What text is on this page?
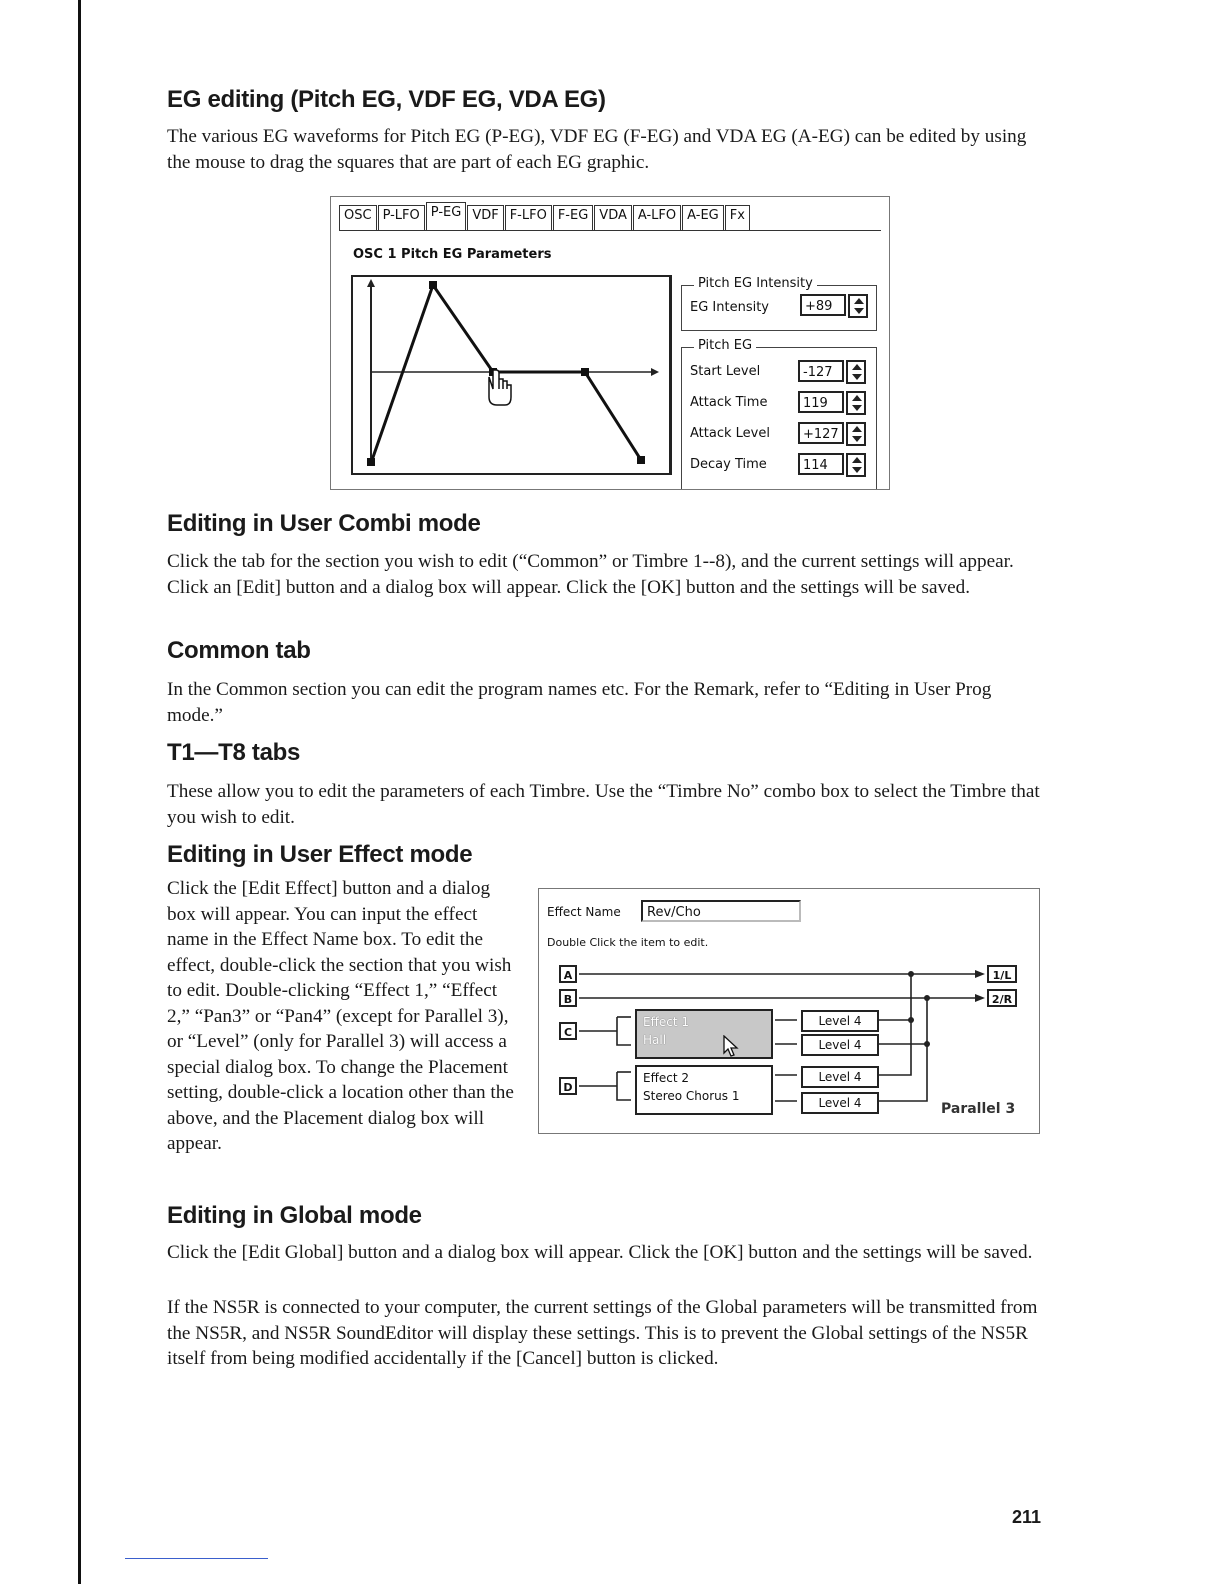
EG editing (Pitch EG, VDF EG, VDA EG)

The various EG waveforms for Pitch EG (P-EG), VDF EG (F-EG) and VDA EG (A-EG) can be edited by using the mouse to drag the squares that are part of each EG graphic.

Editing in User Combi mode

Click the tab for the section you wish to edit (“Common” or Timbre 1--8), and the current settings will appear. Click an [Edit] button and a dialog box will appear. Click the [OK] button and the settings will be saved.

Common tab

In the Common section you can edit the program names etc. For the Remark, refer to “Editing in User Prog mode.”

T1—T8 tabs

These allow you to edit the parameters of each Timbre. Use the “Timbre No” combo box to select the Timbre that you wish to edit.

Editing in User Effect mode

Click the [Edit Effect] button and a dialog box will appear. You can input the effect name in the Effect Name box. To edit the effect, double-click the section that you wish to edit. Double-clicking “Effect 1,” “Effect 2,” “Pan3” or “Pan4” (except for Parallel 3), or “Level” (only for Parallel 3) will access a special dialog box. To change the Placement setting, double-click a location other than the above, and the Placement dialog box will appear.

Editing in Global mode

Click the [Edit Global] button and a dialog box will appear. Click the [OK] button and the settings will be saved.

If the NS5R is connected to your computer, the current settings of the Global parameters will be transmitted from the NS5R, and NS5R SoundEditor will display these settings. This is to prevent the Global settings of the NS5R itself from being modified accidentally if the [Cancel] button is clicked.

OSC P-LFO P-EG VDF F-LFO F-EG VDA A-LFO A-EG Fx
OSC 1 Pitch EG Parameters
Pitch EG Intensity
EG Intensity	+89
Pitch EG
Start Level	-127
Attack Time	119
Attack Level	+127
Decay Time	114
Effect Name	Rev/Cho
Double Click the item to edit.
A
B
C
D
Effect 1
Hall
Effect 2
Stereo Chorus 1
Level 4
Level 4
Level 4
Level 4
1/L
2/R
Parallel 3
211
